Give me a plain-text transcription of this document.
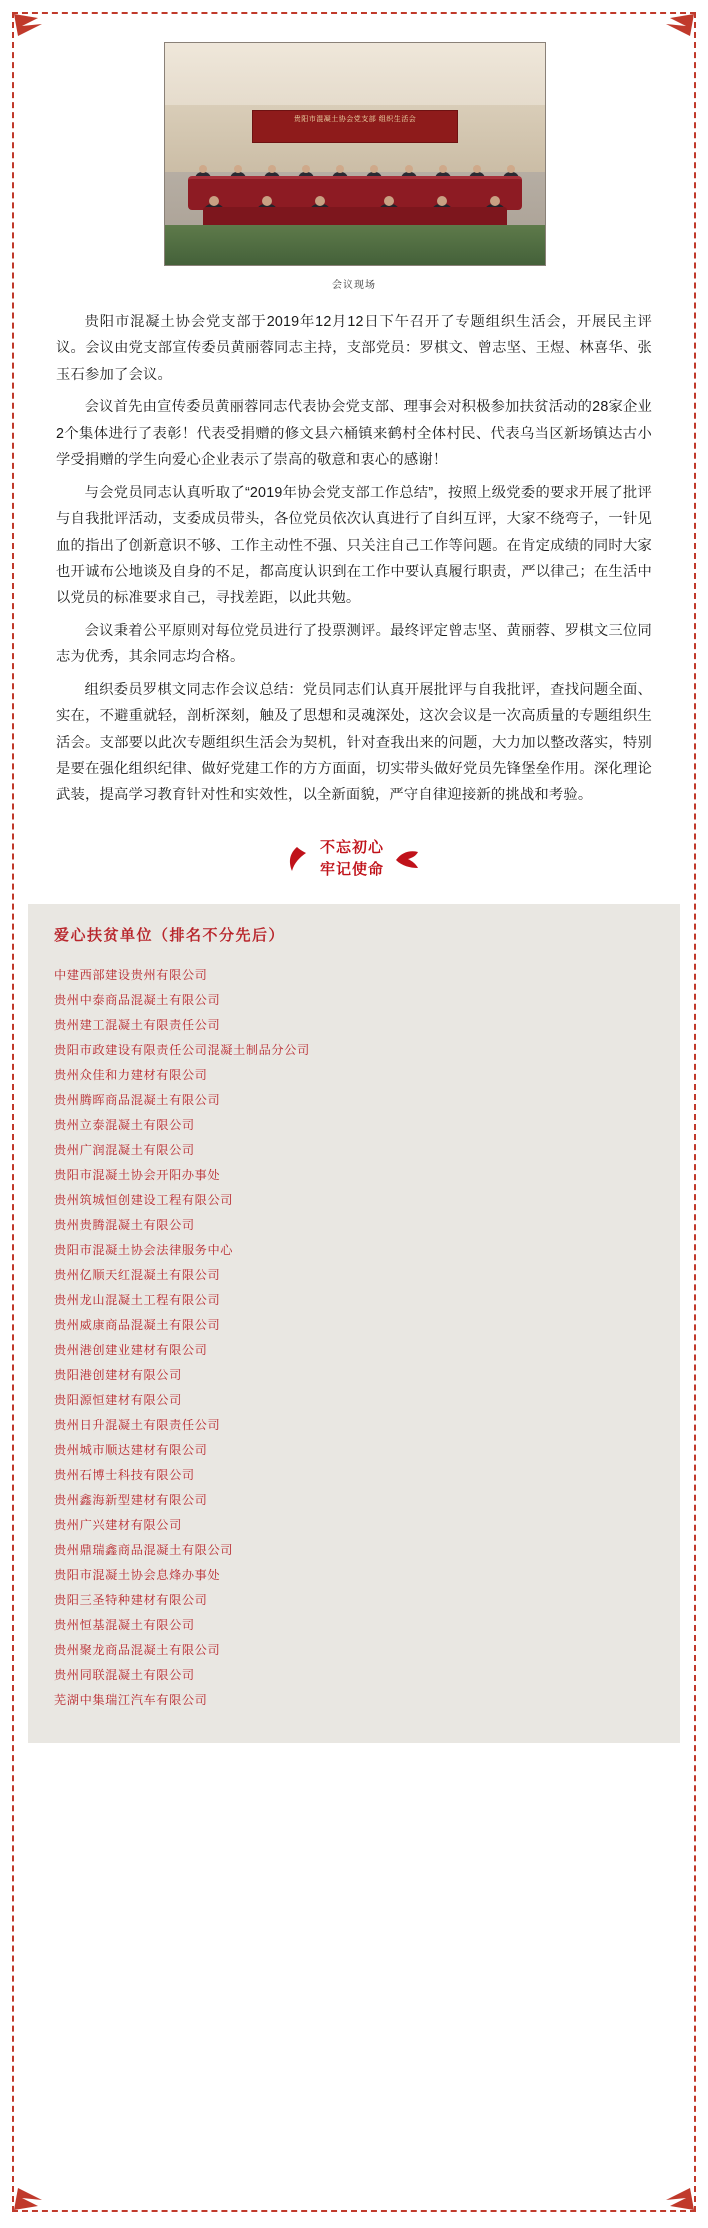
贵阳市混凝土协会党支部 组织生活会
会议现场

贵阳市混凝土协会党支部于2019年12月12日下午召开了专题组织生活会，开展民主评议。会议由党支部宣传委员黄丽蓉同志主持，支部党员：罗棋文、曾志坚、王煜、林喜华、张玉石参加了会议。

会议首先由宣传委员黄丽蓉同志代表协会党支部、理事会对积极参加扶贫活动的28家企业2个集体进行了表彰！代表受捐赠的修文县六桶镇来鹤村全体村民、代表乌当区新场镇达古小学受捐赠的学生向爱心企业表示了崇高的敬意和衷心的感谢！

与会党员同志认真听取了“2019年协会党支部工作总结”，按照上级党委的要求开展了批评与自我批评活动，支委成员带头，各位党员依次认真进行了自纠互评，大家不绕弯子，一针见血的指出了创新意识不够、工作主动性不强、只关注自己工作等问题。在肯定成绩的同时大家也开诚布公地谈及自身的不足，都高度认识到在工作中要认真履行职责，严以律己；在生活中以党员的标准要求自己，寻找差距，以此共勉。

会议秉着公平原则对每位党员进行了投票测评。最终评定曾志坚、黄丽蓉、罗棋文三位同志为优秀，其余同志均合格。

组织委员罗棋文同志作会议总结：党员同志们认真开展批评与自我批评，查找问题全面、实在，不避重就轻，剖析深刻，触及了思想和灵魂深处，这次会议是一次高质量的专题组织生活会。支部要以此次专题组织生活会为契机，针对查我出来的问题，大力加以整改落实，特别是要在强化组织纪律、做好党建工作的方方面面，切实带头做好党员先锋堡垒作用。深化理论武装，提高学习教育针对性和实效性，以全新面貌，严守自律迎接新的挑战和考验。

不忘初心
牢记使命
爱心扶贫单位（排名不分先后）
中建西部建设贵州有限公司
贵州中泰商品混凝土有限公司
贵州建工混凝土有限责任公司
贵阳市政建设有限责任公司混凝土制品分公司
贵州众佳和力建材有限公司
贵州腾晖商品混凝土有限公司
贵州立泰混凝土有限公司
贵州广润混凝土有限公司
贵阳市混凝土协会开阳办事处
贵州筑城恒创建设工程有限公司
贵州贵腾混凝土有限公司
贵阳市混凝土协会法律服务中心
贵州亿顺天红混凝土有限公司
贵州龙山混凝土工程有限公司
贵州威康商品混凝土有限公司
贵州港创建业建材有限公司
贵阳港创建材有限公司
贵阳源恒建材有限公司
贵州日升混凝土有限责任公司
贵州城市顺达建材有限公司
贵州石博士科技有限公司
贵州鑫海新型建材有限公司
贵州广兴建材有限公司
贵州鼎瑞鑫商品混凝土有限公司
贵阳市混凝土协会息烽办事处
贵阳三圣特种建材有限公司
贵州恒基混凝土有限公司
贵州聚龙商品混凝土有限公司
贵州同联混凝土有限公司
芜湖中集瑞江汽车有限公司
